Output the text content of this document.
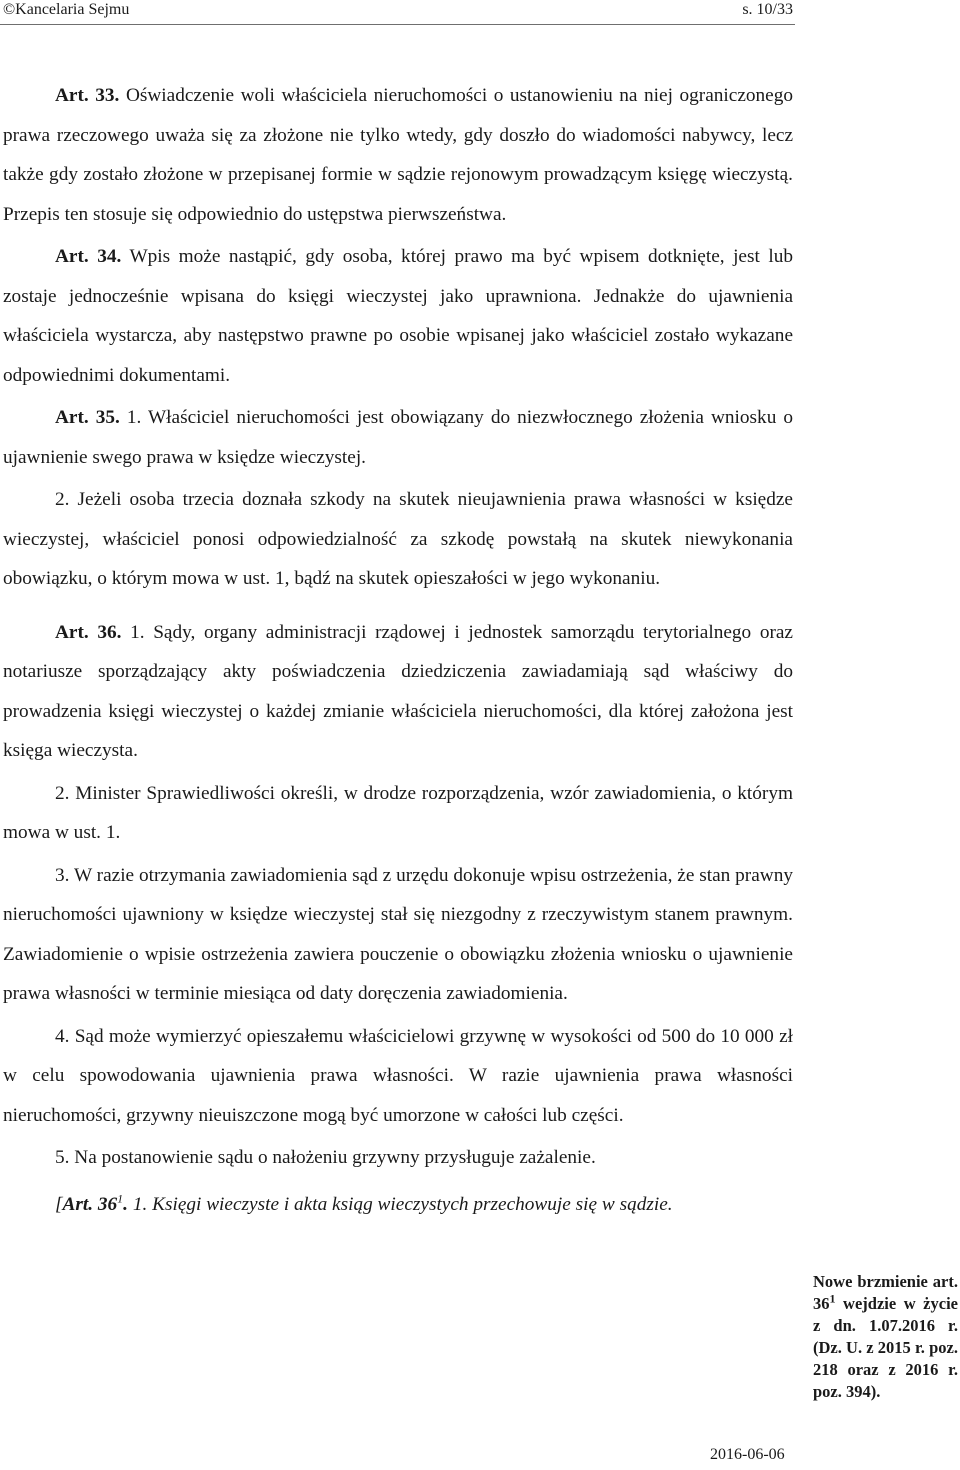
©Kancelaria Sejmu	s. 10/33

Art. 33. Oświadczenie woli właściciela nieruchomości o ustanowieniu na niej ograniczonego prawa rzeczowego uważa się za złożone nie tylko wtedy, gdy doszło do wiadomości nabywcy, lecz także gdy zostało złożone w przepisanej formie w sądzie rejonowym prowadzącym księgę wieczystą. Przepis ten stosuje się odpowiednio do ustępstwa pierwszeństwa.

Art. 34. Wpis może nastąpić, gdy osoba, której prawo ma być wpisem dotknięte, jest lub zostaje jednocześnie wpisana do księgi wieczystej jako uprawniona. Jednakże do ujawnienia właściciela wystarcza, aby następstwo prawne po osobie wpisanej jako właściciel zostało wykazane odpowiednimi dokumentami.

Art. 35. 1. Właściciel nieruchomości jest obowiązany do niezwłocznego złożenia wniosku o ujawnienie swego prawa w księdze wieczystej.

2. Jeżeli osoba trzecia doznała szkody na skutek nieujawnienia prawa własności w księdze wieczystej, właściciel ponosi odpowiedzialność za szkodę powstałą na skutek niewykonania obowiązku, o którym mowa w ust. 1, bądź na skutek opieszałości w jego wykonaniu.

Art. 36. 1. Sądy, organy administracji rządowej i jednostek samorządu terytorialnego oraz notariusze sporządzający akty poświadczenia dziedziczenia zawiadamiają sąd właściwy do prowadzenia księgi wieczystej o każdej zmianie właściciela nieruchomości, dla której założona jest księga wieczysta.

2. Minister Sprawiedliwości określi, w drodze rozporządzenia, wzór zawiadomienia, o którym mowa w ust. 1.

3. W razie otrzymania zawiadomienia sąd z urzędu dokonuje wpisu ostrzeżenia, że stan prawny nieruchomości ujawniony w księdze wieczystej stał się niezgodny z rzeczywistym stanem prawnym. Zawiadomienie o wpisie ostrzeżenia zawiera pouczenie o obowiązku złożenia wniosku o ujawnienie prawa własności w terminie miesiąca od daty doręczenia zawiadomienia.

4. Sąd może wymierzyć opieszałemu właścicielowi grzywnę w wysokości od 500 do 10 000 zł w celu spowodowania ujawnienia prawa własności. W razie ujawnienia prawa własności nieruchomości, grzywny nieuiszczone mogą być umorzone w całości lub części.

5. Na postanowienie sądu o nałożeniu grzywny przysługuje zażalenie.

[Art. $36^1$. 1. Księgi wieczyste i akta ksiąg wieczystych przechowuje się w sądzie.

Nowe brzmienie art. $36^1$ wejdzie w życie z dn. 1.07.2016 r. (Dz. U. z 2015 r. poz. 218 oraz z 2016 r. poz. 394).
2016-06-06
